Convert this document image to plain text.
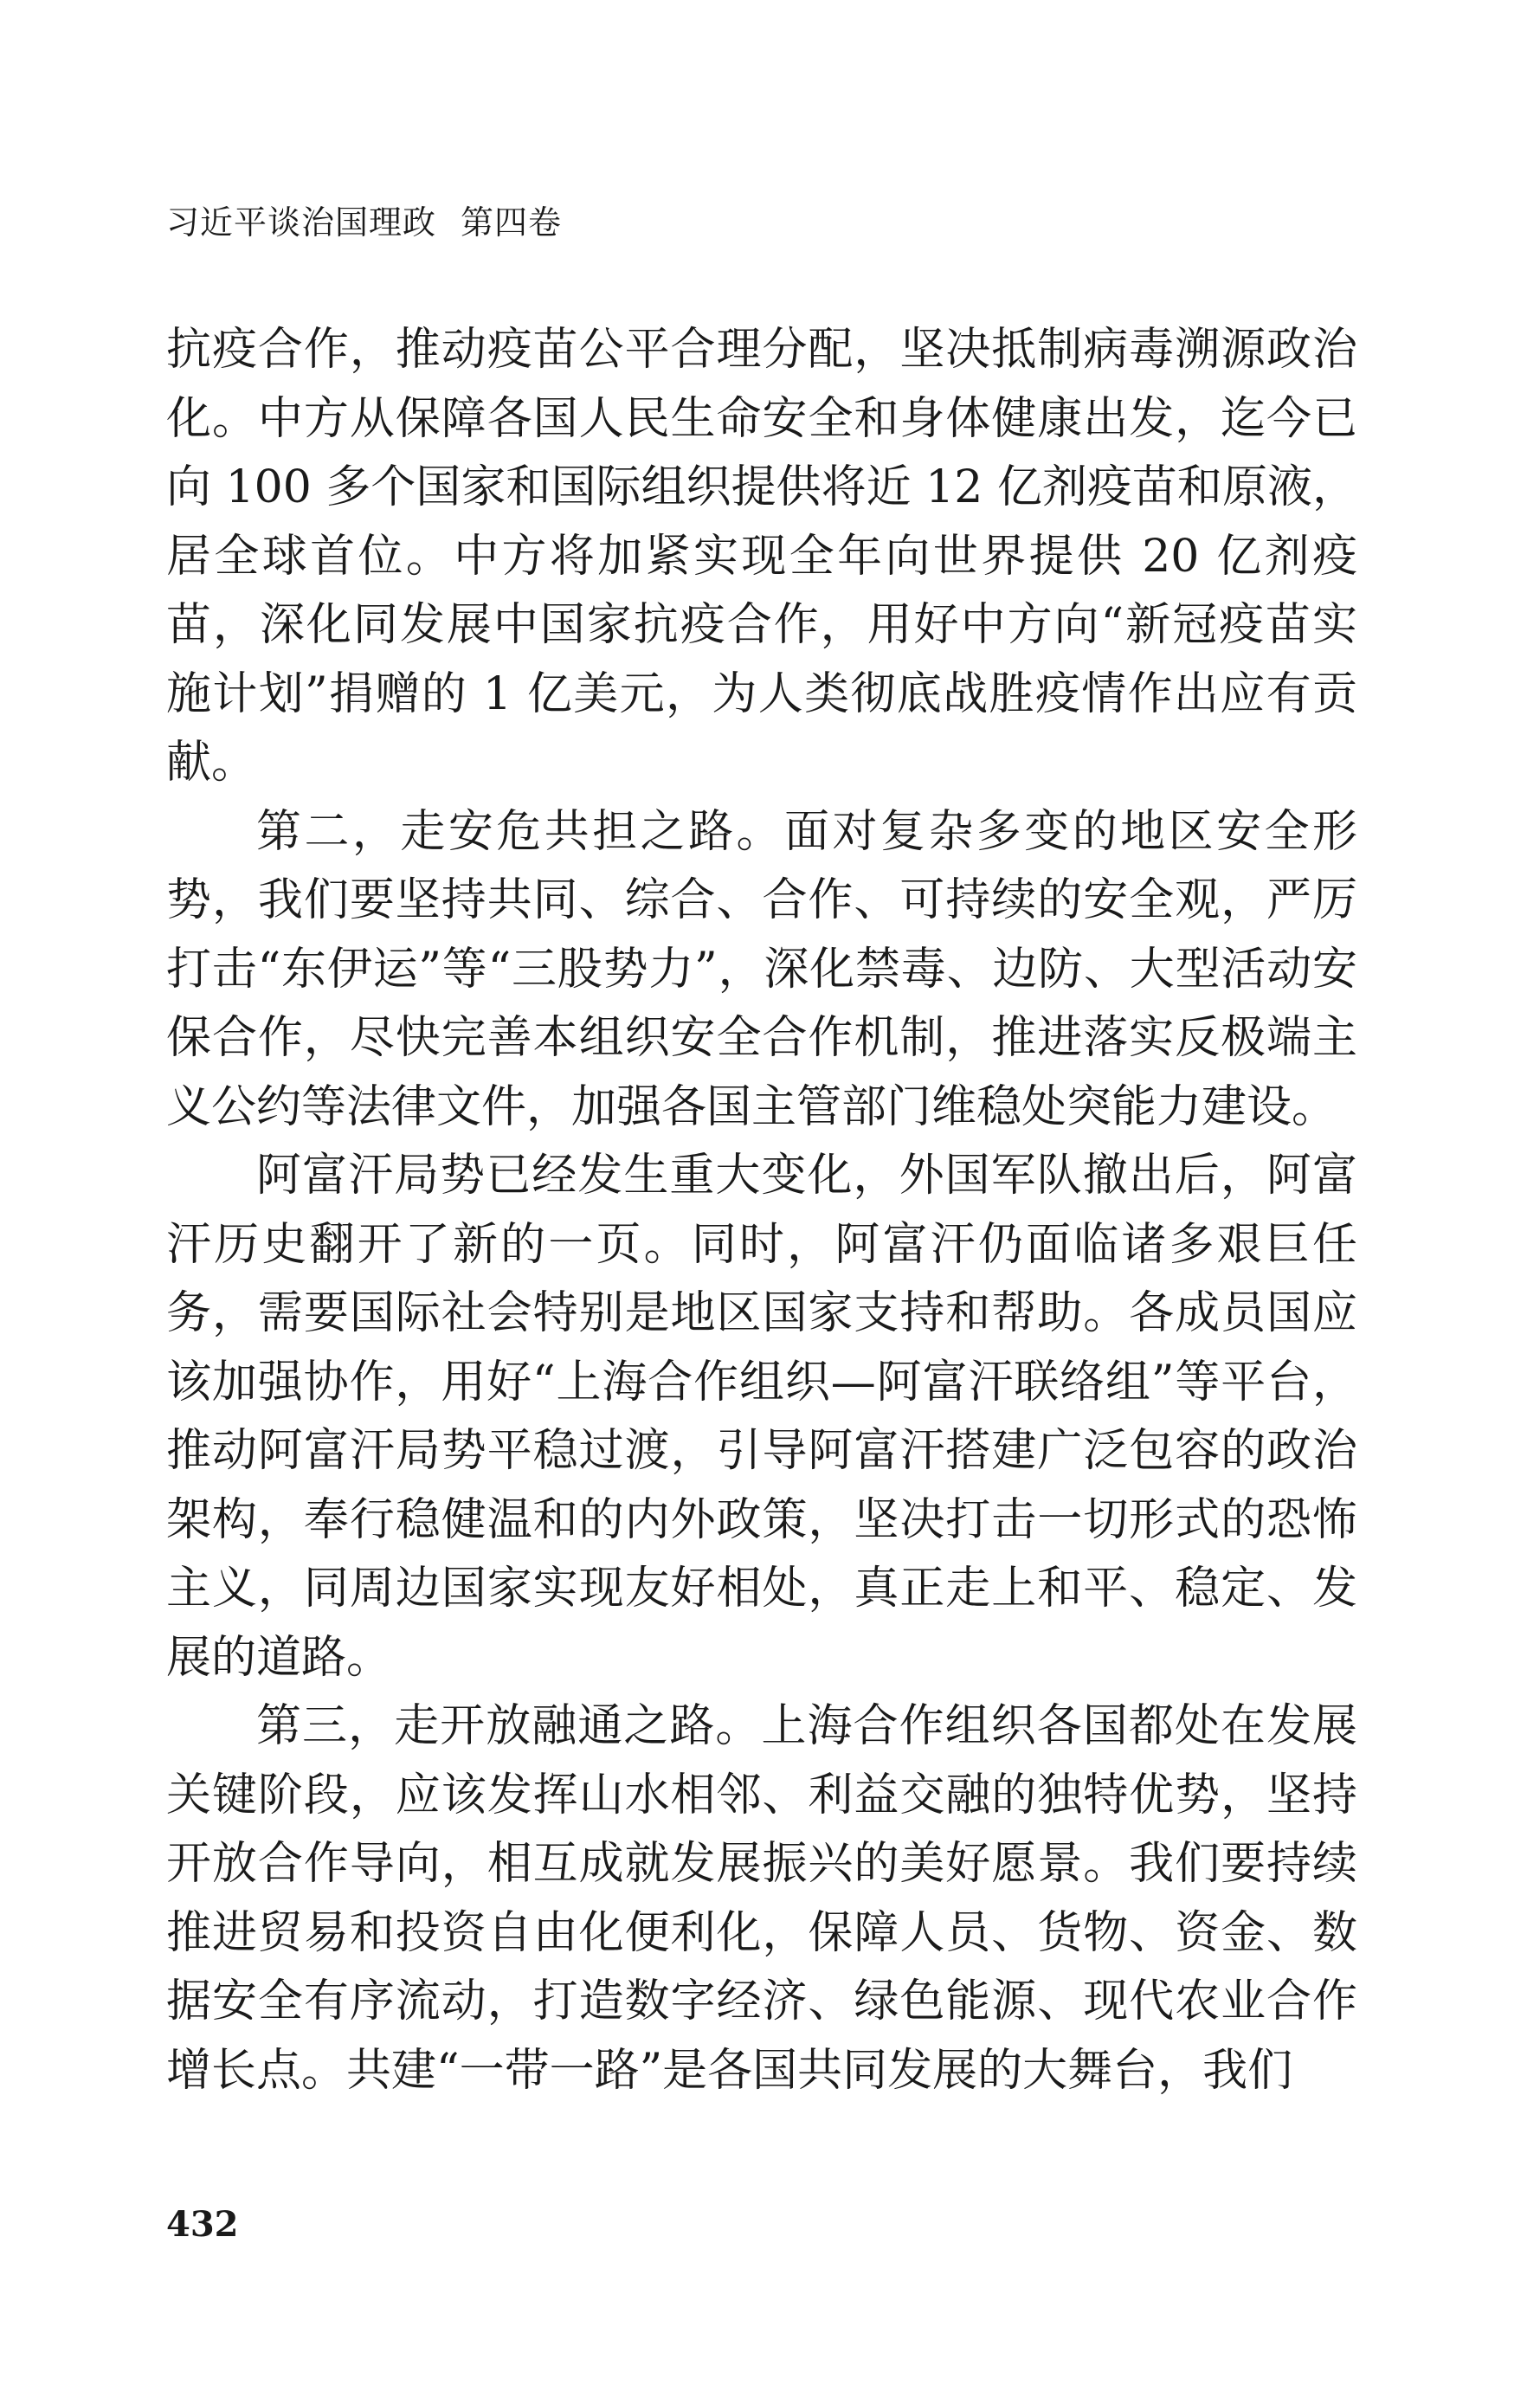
习近平谈治国理政 第四卷

抗疫合作，推动疫苗公平合理分配，坚决抵制病毒溯源政治化。中方从保障各国人民生命安全和身体健康出发，迄今已向 100 多个国家和国际组织提供将近 12 亿剂疫苗和原液，居全球首位。中方将加紧实现全年向世界提供 20 亿剂疫苗，深化同发展中国家抗疫合作，用好中方向“新冠疫苗实施计划”捐赠的 1 亿美元，为人类彻底战胜疫情作出应有贡献。

第二，走安危共担之路。面对复杂多变的地区安全形势，我们要坚持共同、综合、合作、可持续的安全观，严厉打击“东伊运”等“三股势力”，深化禁毒、边防、大型活动安保合作，尽快完善本组织安全合作机制，推进落实反极端主义公约等法律文件，加强各国主管部门维稳处突能力建设。

阿富汗局势已经发生重大变化，外国军队撤出后，阿富汗历史翻开了新的一页。同时，阿富汗仍面临诸多艰巨任务，需要国际社会特别是地区国家支持和帮助。各成员国应该加强协作，用好“上海合作组织—阿富汗联络组”等平台，推动阿富汗局势平稳过渡，引导阿富汗搭建广泛包容的政治架构，奉行稳健温和的内外政策，坚决打击一切形式的恐怖主义，同周边国家实现友好相处，真正走上和平、稳定、发展的道路。

第三，走开放融通之路。上海合作组织各国都处在发展关键阶段，应该发挥山水相邻、利益交融的独特优势，坚持开放合作导向，相互成就发展振兴的美好愿景。我们要持续推进贸易和投资自由化便利化，保障人员、货物、资金、数据安全有序流动，打造数字经济、绿色能源、现代农业合作增长点。共建“一带一路”是各国共同发展的大舞台，我们

432
